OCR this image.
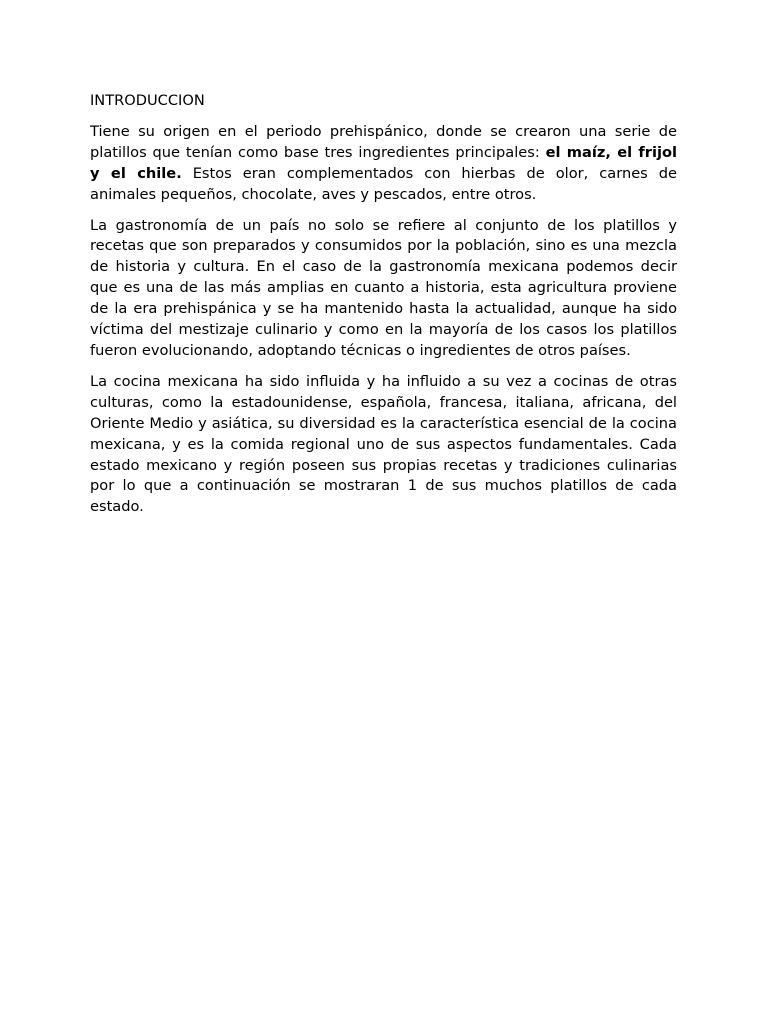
INTRODUCCION

Tiene su origen en el periodo prehispánico, donde se crearon una serie de platillos que tenían como base tres ingredientes principales: el maíz, el frijol y el chile. Estos eran complementados con hierbas de olor, carnes de animales pequeños, chocolate, aves y pescados, entre otros.

La gastronomía de un país no solo se refiere al conjunto de los platillos y recetas que son preparados y consumidos por la población, sino es una mezcla de historia y cultura. En el caso de la gastronomía mexicana podemos decir que es una de las más amplias en cuanto a historia, esta agricultura proviene de la era prehispánica y se ha mantenido hasta la actualidad, aunque ha sido víctima del mestizaje culinario y como en la mayoría de los casos los platillos fueron evolucionando, adoptando técnicas o ingredientes de otros países.

La cocina mexicana ha sido influida y ha influido a su vez a cocinas de otras culturas, como la estadounidense, española, francesa, italiana, africana, del Oriente Medio y asiática, su diversidad es la característica esencial de la cocina mexicana, y es la comida regional uno de sus aspectos fundamentales. Cada estado mexicano y región poseen sus propias recetas y tradiciones culinarias por lo que a continuación se mostraran 1 de sus muchos platillos de cada estado.
